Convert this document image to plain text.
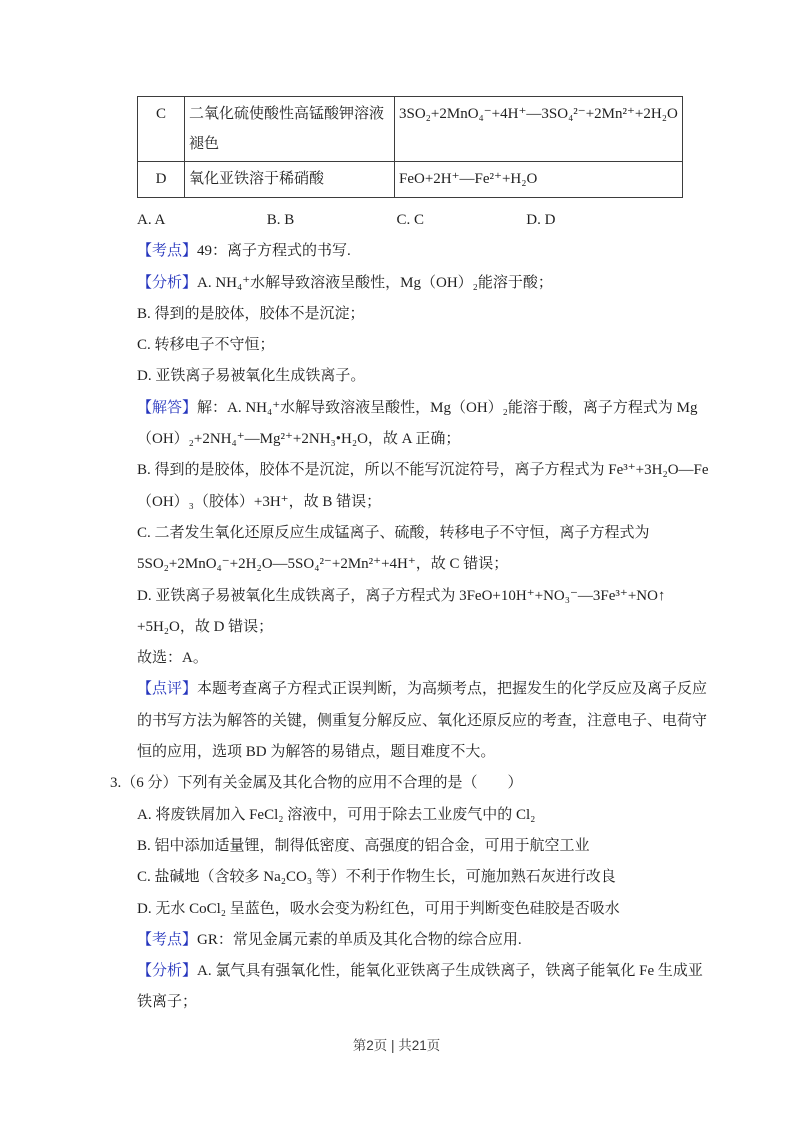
C	二氧化硫使酸性高锰酸钾溶液褪色	3SO₂+2MnO₄⁻+4H⁺—3SO₄²⁻+2Mn²⁺+2H₂O
D	氧化亚铁溶于稀硝酸	FeO+2H⁺—Fe²⁺+H₂O
A. A	B. B	C. C	D. D
【考点】49：离子方程式的书写.
【分析】A. NH₄⁺水解导致溶液呈酸性，Mg（OH）₂能溶于酸；
B. 得到的是胶体，胶体不是沉淀；
C. 转移电子不守恒；
D. 亚铁离子易被氧化生成铁离子。
【解答】解：A. NH₄⁺水解导致溶液呈酸性，Mg（OH）₂能溶于酸，离子方程式为 Mg
（OH）₂+2NH₄⁺—Mg²⁺+2NH₃•H₂O，故 A 正确；
B. 得到的是胶体，胶体不是沉淀，所以不能写沉淀符号，离子方程式为 Fe³⁺+3H₂O—Fe
（OH）₃（胶体）+3H⁺，故 B 错误；
C. 二者发生氧化还原反应生成锰离子、硫酸，转移电子不守恒，离子方程式为
5SO₂+2MnO₄⁻+2H₂O—5SO₄²⁻+2Mn²⁺+4H⁺，故 C 错误；
D. 亚铁离子易被氧化生成铁离子，离子方程式为 3FeO+10H⁺+NO₃⁻—3Fe³⁺+NO↑
+5H₂O，故 D 错误；
故选：A。
【点评】本题考查离子方程式正误判断，为高频考点，把握发生的化学反应及离子反应
的书写方法为解答的关键，侧重复分解反应、氧化还原反应的考查，注意电子、电荷守
恒的应用，选项 BD 为解答的易错点，题目难度不大。
3.（6 分）下列有关金属及其化合物的应用不合理的是（　　）
A. 将废铁屑加入 FeCl₂ 溶液中，可用于除去工业废气中的 Cl₂
B. 铝中添加适量锂，制得低密度、高强度的铝合金，可用于航空工业
C. 盐碱地（含较多 Na₂CO₃ 等）不利于作物生长，可施加熟石灰进行改良
D. 无水 CoCl₂ 呈蓝色，吸水会变为粉红色，可用于判断变色硅胶是否吸水
【考点】GR：常见金属元素的单质及其化合物的综合应用.
【分析】A. 氯气具有强氧化性，能氧化亚铁离子生成铁离子，铁离子能氧化 Fe 生成亚
铁离子；
第2页 | 共21页
